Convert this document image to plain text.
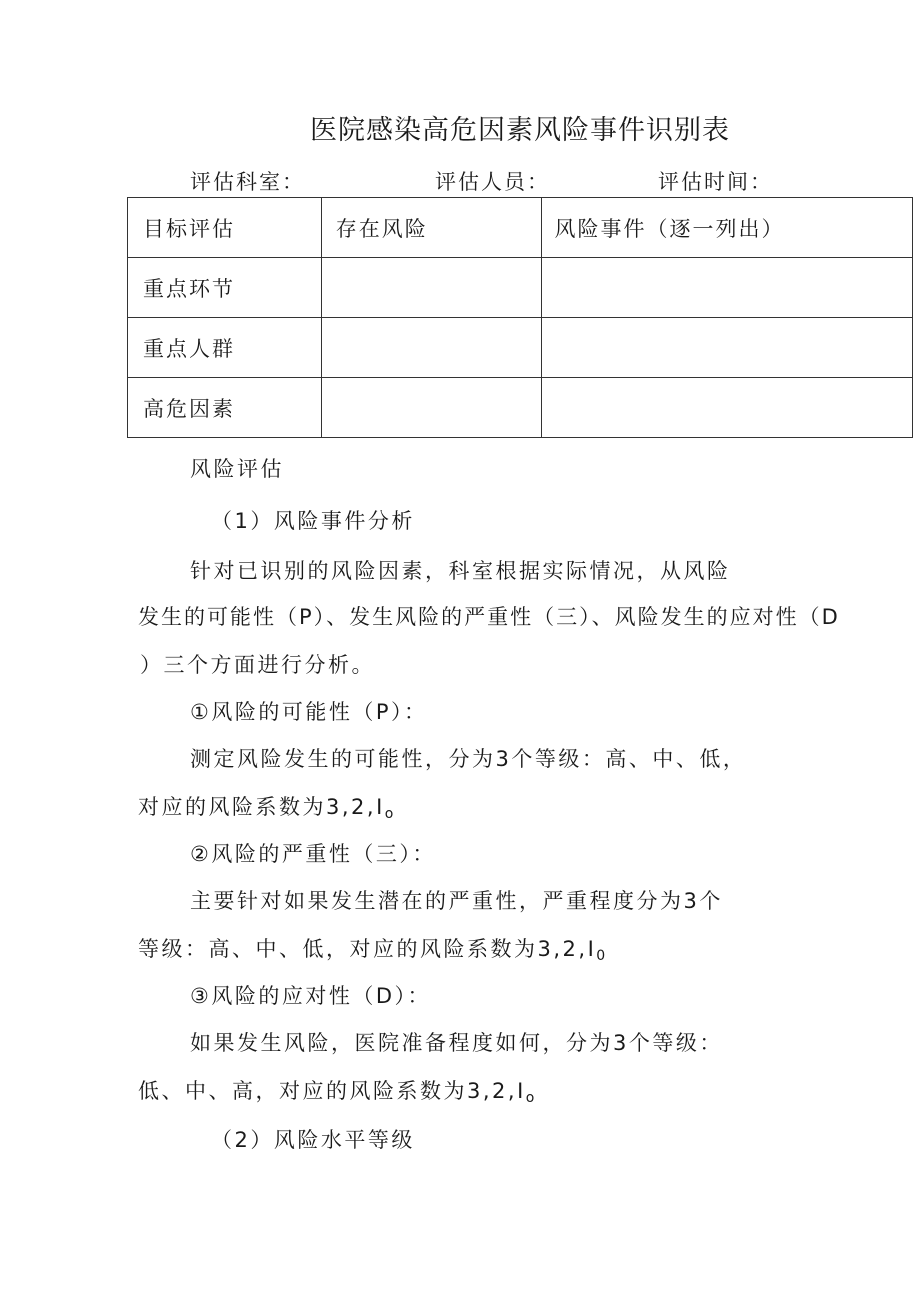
医院感染高危因素风险事件识别表
评估科室：	评估人员：	评估时间：
目标评估	存在风险	风险事件（逐一列出）
重点环节		
重点人群		
高危因素		
风险评估
（1）风险事件分析
针对已识别的风险因素，科室根据实际情况，从风险
发生的可能性（P）、发生风险的严重性（三）、风险发生的应对性（D
）三个方面进行分析。
①风险的可能性（P）：
测定风险发生的可能性，分为3个等级：高、中、低，
对应的风险系数为$3,2,I_o$
②风险的严重性（三）：
主要针对如果发生潜在的严重性，严重程度分为3个
等级：高、中、低，对应的风险系数为$3,2,I_0$
③风险的应对性（D）：
如果发生风险，医院准备程度如何，分为3个等级：
低、中、高，对应的风险系数为$3,2,I_o$
（2）风险水平等级
